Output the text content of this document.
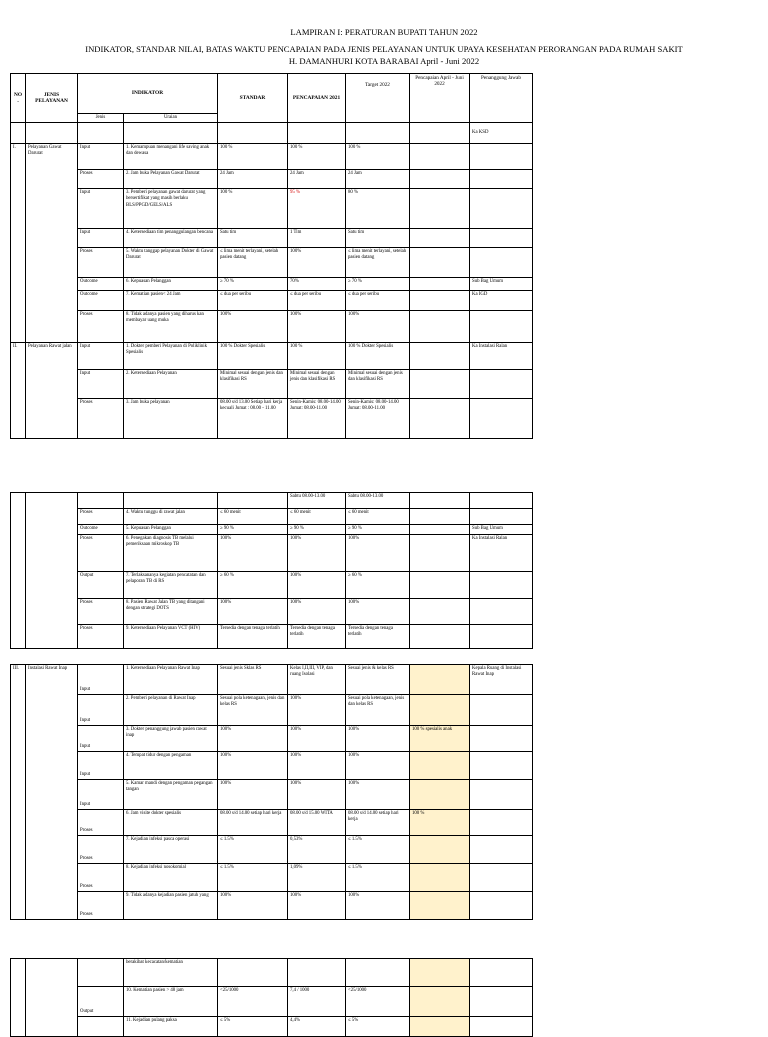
LAMPIRAN I: PERATURAN BUPATI TAHUN 2022
INDIKATOR, STANDAR NILAI, BATAS WAKTU PENCAPAIAN PADA JENIS PELAYANAN UNTUK UPAYA KESEHATAN PERORANGAN PADA RUMAH SAKIT
H. DAMANHURI KOTA BARABAI April - Juni 2022
NO .	JENIS PELAYANAN	INDIKATOR		STANDAR	PENCAPAIAN 2021	Target 2022	Pencapaian April - Juni 2022	Penanggung Jawab
		Jenis	Uraian					
								Ka KSD
I.	Pelayanan Gawat Darurat	Input	1. Kemampuan menangani life saving anak dan dewasa	100 %	100 %	100 %		
		Proses	2. Jam buka Pelayanan Gawat Darurat	24 Jam	24 Jam	24 Jam		
		Input	3. Pemberi pelayanan gawat darurat yang bersertifikat yang masih berlaku BLS/PPGD/GELS/ALS	100 %	95 %	80 %		
		Input	4. Ketersediaan tim penanggulangan bencana	Satu tim	1 Tim	Satu tim		
		Proses	5. Waktu tanggap pelayanan Dokter di Gawat Darurat	≤ lima menit terlayani, setelah pasien datang	100%	≤ lima menit terlayani, setelah pasien datang		
		Outcome	6. Kepuasan Pelanggan	≥ 70 %	70%	≥ 70 %		Sub Bag Umum
		Outcome	7. Kematian pasien< 24 Jam	≤ dua per seribu	≤ dua per seribu	≤ dua per seribu		Ka IGD
		Proses	8. Tidak adanya pasien yang diharus kan membayar uang muka	100%	100%	100%		
II.	Pelayanan Rawat jalan	Input	1. Dokter pemberi Pelayanan di Poliklinik Spesialis	100 % Dokter Spesialis	100 %	100 % Dokter Spesialis		Ka Instalasi Ralan
		Input	2. Ketersediaan Pelayanan	Minimal sesuai dengan jenis dan klasifikasi RS	Minimal sesuai dengan jenis dan klasifikasi RS	Minimal sesuai dengan jenis dan klasifikasi RS		
		Proses	3. Jam buka pelayanan	08.00 s/d 13.00 Setiap hari kerja kecuali Jumat : 08.00 - 11.00	Senin-Kamis: 08.00-14.00 Jumat: 08.00-11.00	Senin-Kamis: 08.00-14.00 Jumat: 08.00-11.00		
					Sabtu 08.00-13.00	Sabtu 08.00-13.00		
		Proses	4. Waktu tunggu di rawat jalan	≤ 60 menit	≤ 60 menit	≤ 60 menit		
		Outcome	5. Kepuasan Pelanggan	≥ 90 %	≥ 90 %	≥ 90 %		Sub Bag Umum
		Proses	6. Penegakan diagnosis TB melalui pemeriksaan mikroskop TB	100%	100%	100%		Ka Instalasi Ralan
		Output	7. Terlaksananya kegiatan pencatatan dan pelaporan TB di RS	≥ 60 %	100%	≥ 60 %		
		Proses	8. Pasien Rawat Jalan TB yang ditangani dengan strategi DOTS	100%	100%	100%		
		Proses	9. Ketersediaan Pelayanan VCT (HIV)	Tersedia dengan tenaga terlatih	Tersedia dengan tenaga terlatih	Tersedia dengan tenaga terlatih		
III.	Instalasi Rawat Inap	Input	1. Ketersediaan Pelayanan Rawat Inap	Sesuai jenis Sklas RS	Kelas I,II,III, VIP, dan ruang Isolasi	Sesuai jenis & kelas RS		Kepala Ruang di Instalasi Rawat Inap
		Input	2. Pemberi pelayanan di Rawat Inap	Sesuai pola ketenagaan, jenis dan kelas RS	100%	Sesuai pola ketenagaan, jenis dan kelas RS		
		Input	3. Dokter penanggung jawab pasien rawat inap	100%	100%	100%	100 % spesialis anak	
		Input	4. Tempat tidur dengan pengaman	100%	100%	100%		
		Input	5. Kamar mandi dengan pengaman pegangan tangan	100%	100%	100%		
		Proses	6. Jam visite dokter spesialis	08.00 s/d 14.00 setiap hari kerja	08.00 s/d 15.00 WITA	08.00 s/d 14.00 setiap hari kerja	100 %	
		Proses	7. Kejadian infeksi pasca operasi	≤ 1.5%	0,53%	≤ 1.5%		
		Proses	8. Kejadian infeksi nosokomial	≤ 1.5%	1,09%	≤ 1.5%		
		Proses	9. Tidak adanya kejadian pasien jatuh yang	100%	100%	100%		
			berakibat kecacatan/kematian					
		Output	10. Kematian pasien > 48 jam	<25/1000	7,4 / 1000	<25/1000		
			11. Kejadian pulang paksa	≤ 5%	4,4%	≤ 5%		
